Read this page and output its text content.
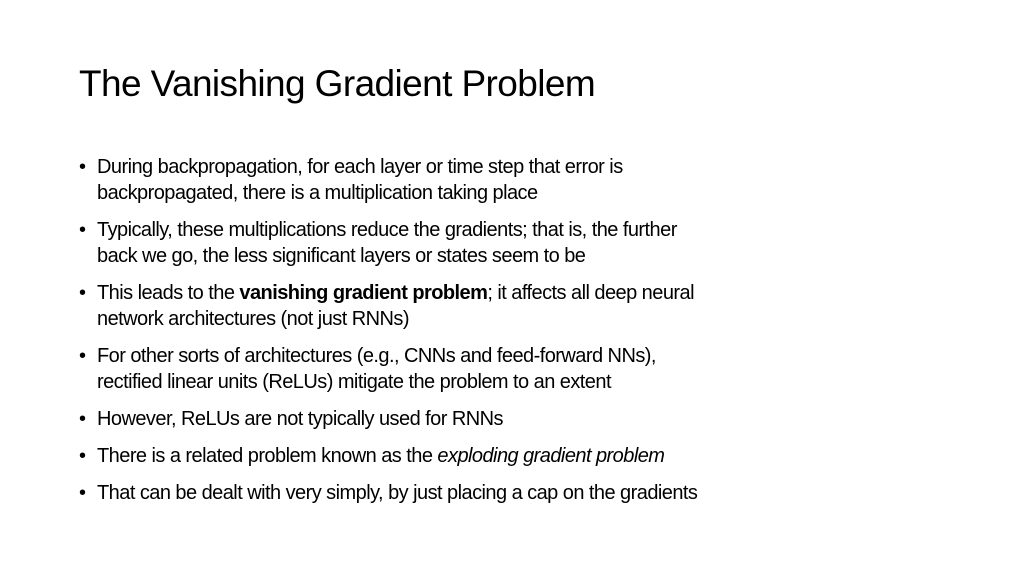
The Vanishing Gradient Problem
• During backpropagation, for each layer or time step that error is
backpropagated, there is a multiplication taking place
• Typically, these multiplications reduce the gradients; that is, the further
back we go, the less significant layers or states seem to be
• This leads to the vanishing gradient problem; it affects all deep neural
network architectures (not just RNNs)
• For other sorts of architectures (e.g., CNNs and feed-forward NNs),
rectified linear units (ReLUs) mitigate the problem to an extent
• However, ReLUs are not typically used for RNNs
• There is a related problem known as the exploding gradient problem
• That can be dealt with very simply, by just placing a cap on the gradients
